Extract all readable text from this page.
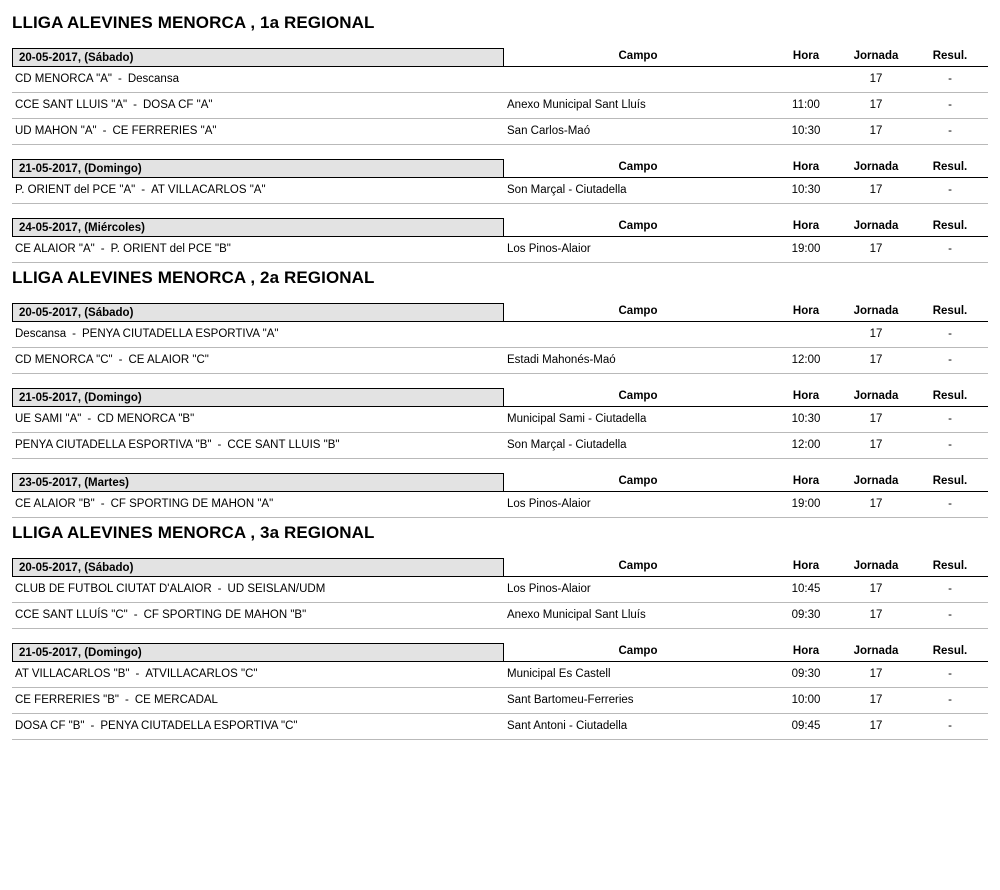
LLIGA ALEVINES MENORCA , 1a REGIONAL
20-05-2017, (Sábado)	Campo	Hora	Jornada	Resul.

CD MENORCA "A" - Descansa			17	-
CCE SANT LLUIS "A" - DOSA CF "A"	Anexo Municipal Sant Lluís	11:00	17	-
UD MAHON "A" - CE FERRERIES "A"	San Carlos-Maó	10:30	17	-
21-05-2017, (Domingo)	Campo	Hora	Jornada	Resul.

P. ORIENT del PCE "A" - AT VILLACARLOS "A"	Son Marçal - Ciutadella	10:30	17	-
24-05-2017, (Miércoles)	Campo	Hora	Jornada	Resul.

CE ALAIOR "A" - P. ORIENT del PCE "B"	Los Pinos-Alaior	19:00	17	-
LLIGA ALEVINES MENORCA , 2a REGIONAL
20-05-2017, (Sábado)	Campo	Hora	Jornada	Resul.

Descansa - PENYA CIUTADELLA ESPORTIVA "A"			17	-
CD MENORCA "C" - CE ALAIOR "C"	Estadi Mahonés-Maó	12:00	17	-
21-05-2017, (Domingo)	Campo	Hora	Jornada	Resul.

UE SAMI "A" - CD MENORCA "B"	Municipal Sami - Ciutadella	10:30	17	-
PENYA CIUTADELLA ESPORTIVA "B" - CCE SANT LLUIS "B"	Son Marçal - Ciutadella	12:00	17	-
23-05-2017, (Martes)	Campo	Hora	Jornada	Resul.

CE ALAIOR "B" - CF SPORTING DE MAHON "A"	Los Pinos-Alaior	19:00	17	-
LLIGA ALEVINES MENORCA , 3a REGIONAL
20-05-2017, (Sábado)	Campo	Hora	Jornada	Resul.

CLUB DE FUTBOL CIUTAT D'ALAIOR - UD SEISLAN/UDM	Los Pinos-Alaior	10:45	17	-
CCE SANT LLUÍS "C" - CF SPORTING DE MAHON "B"	Anexo Municipal Sant Lluís	09:30	17	-
21-05-2017, (Domingo)	Campo	Hora	Jornada	Resul.

AT VILLACARLOS "B" - ATVILLACARLOS "C"	Municipal Es Castell	09:30	17	-
CE FERRERIES "B" - CE MERCADAL	Sant Bartomeu-Ferreries	10:00	17	-
DOSA CF "B" - PENYA CIUTADELLA ESPORTIVA "C"	Sant Antoni - Ciutadella	09:45	17	-
